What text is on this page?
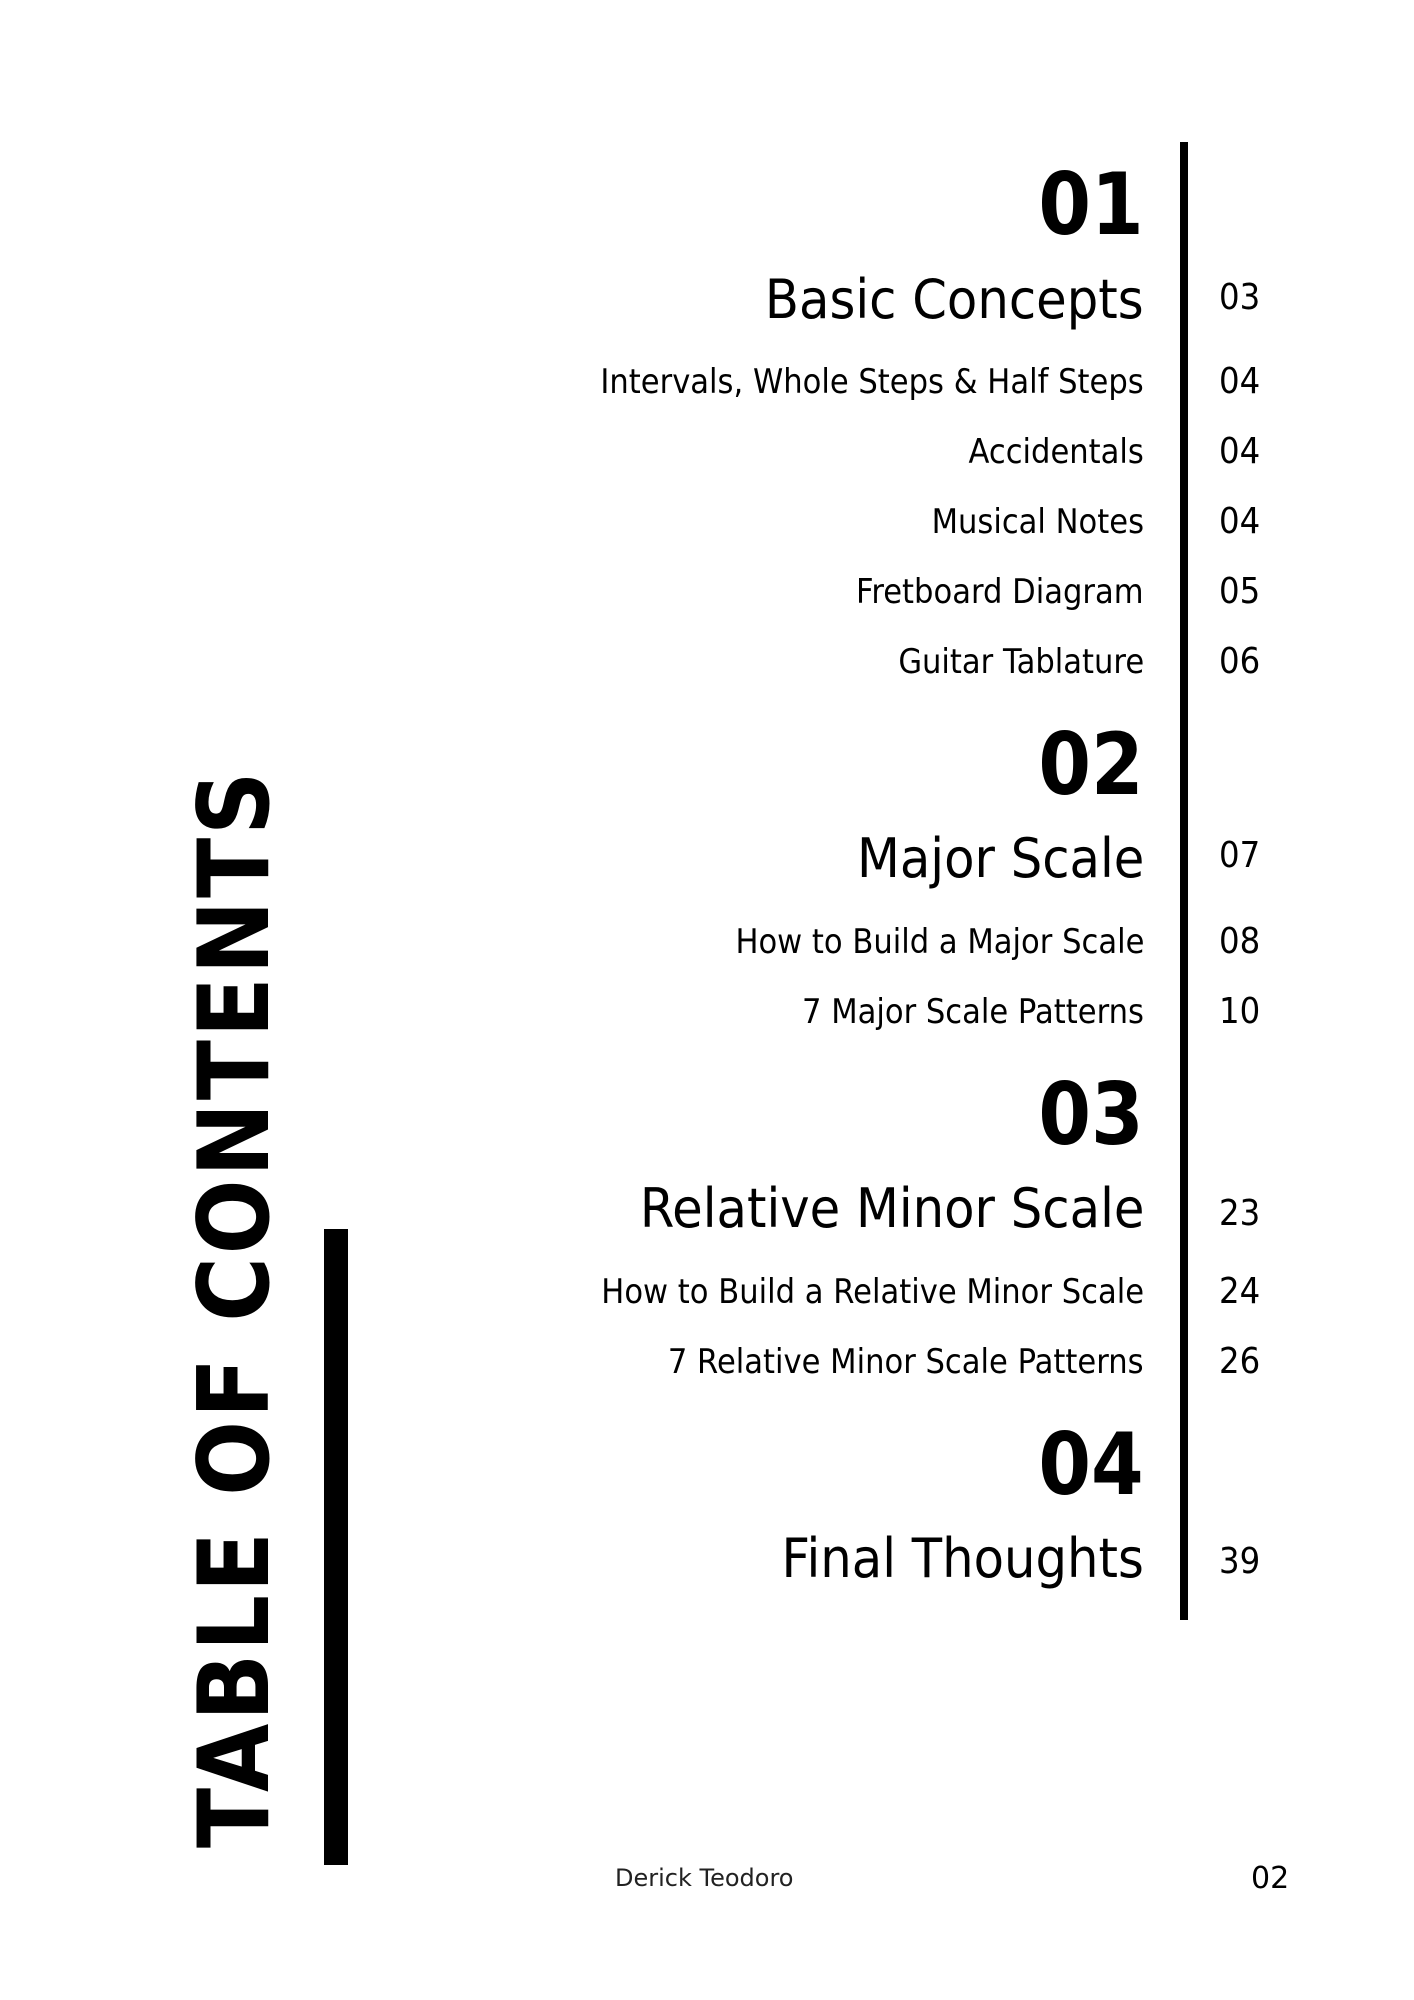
TABLE OF CONTENTS
01
Basic Concepts 03
Intervals, Whole Steps & Half Steps 04
Accidentals 04
Musical Notes 04
Fretboard Diagram 05
Guitar Tablature 06
02
Major Scale 07
How to Build a Major Scale 08
7 Major Scale Patterns 10
03
Relative Minor Scale 23
How to Build a Relative Minor Scale 24
7 Relative Minor Scale Patterns 26
04
Final Thoughts 39
Derick Teodoro	02
